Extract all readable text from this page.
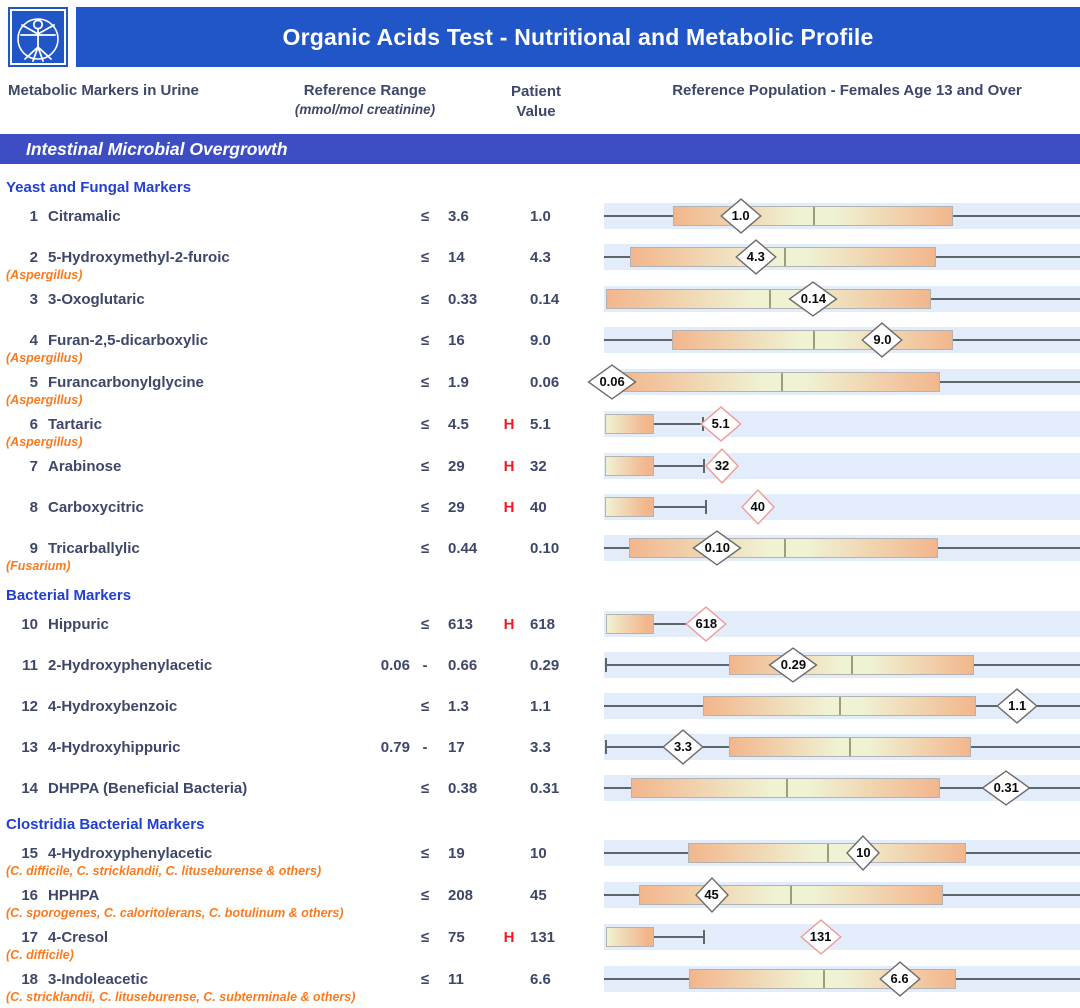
Organic Acids Test - Nutritional and Metabolic Profile
Metabolic Markers in Urine	Reference Range
(mmol/mol creatinine)
Patient
Value
Reference Population - Females Age 13 and Over
Intestinal Microbial Overgrowth
Yeast and Fungal Markers
1 Citramalic	≤	3.6	1.0	1.0
2 5-Hydroxymethyl-2-furoic	≤	14	4.3	4.3
(Aspergillus)
3 3-Oxoglutaric	≤	0.33	0.14	0.14
4 Furan-2,5-dicarboxylic	≤	16	9.0	9.0
(Aspergillus)
5 Furancarbonylglycine	≤	1.9	0.06	0.06
(Aspergillus)
6 Tartaric	≤	4.5	H	5.1	5.1
(Aspergillus)
7 Arabinose	≤	29	H	32	32
8 Carboxycitric	≤	29	H	40	40
9 Tricarballylic	≤	0.44	0.10	0.10
(Fusarium)
Bacterial Markers
10 Hippuric	≤	613	H	618	618
11 2-Hydroxyphenylacetic	0.06 -	0.66	0.29	0.29
12 4-Hydroxybenzoic	≤	1.3	1.1	1.1
13 4-Hydroxyhippuric	0.79 -	17	3.3	3.3
14 DHPPA (Beneficial Bacteria)	≤	0.38	0.31	0.31
Clostridia Bacterial Markers
15 4-Hydroxyphenylacetic	≤	19	10	10
(C. difficile, C. stricklandii, C. lituseburense & others)
16 HPHPA	≤	208	45	45
(C. sporogenes, C. caloritolerans, C. botulinum & others)
17 4-Cresol	≤	75	H	131	131
(C. difficile)
18 3-Indoleacetic	≤	11	6.6	6.6
(C. stricklandii, C. lituseburense, C. subterminale & others)
